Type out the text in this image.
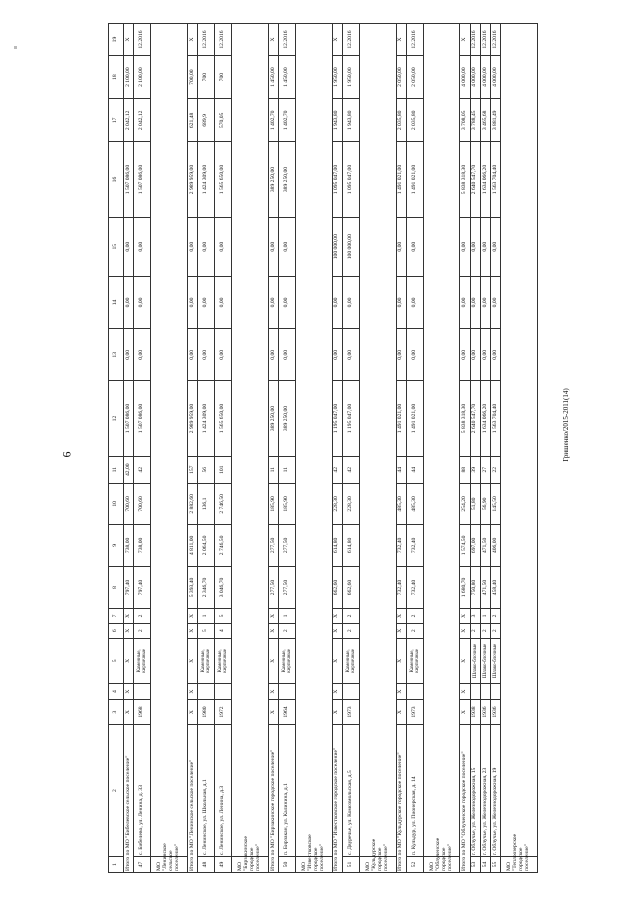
6	Гришенко/2015-2011(14)
1	2	3	4	5	6	7	8	9	10	11	12	13	14	15	16	17	18	19
Итого по МО "Бибелевское сельское поселение"		X	X	X	X	X	797,40	738,00	700,60	42,00	1 507 086,00	0,00	0,00	0,00	1 507 086,00	2 042,12	2 100,00	X
47	с. Бибелево, ул. Ленина, д. 33	1968		Каменные, кирпичные	2	2	797,40	738,00	700,60	42	1 507 086,00	0,00	0,00	0,00	1 507 086,00	2 042,12	2 100,00	12.2016
МО "Ленинское сельское поселение"																		
Итого по МО "Ленинское сельское поселение"		X	X	X	X	X	5 393,40	4 811,00	2 882,60	157	2 989 959,00	0,00	0,00	0,00	2 989 959,00	621,48	700,00	X
48	с. Ленинское, ул. Школьная, д.1	1980		Каменные, кирпичные	5	1	2 346,70	2 064,50	136,1	56	1 424 309,00	0,00	0,00	0,00	1 424 309,00	689,9	700	12.2016
49	с. Ленинское, ул. Ленина, д.3	1972		Каменные, кирпичные	4	5	3 046,70	2 746,50	2 746,50	101	1 565 650,00	0,00	0,00	0,00	1 565 650,00	570,05	700	12.2016
МО "Бирзакинское городское поселение"																		
Итого по МО "Бирзакинское городское поселение"		X	X	X	X	X	277,50	277,50	185,90	11	389 250,00	0,00	0,00	0,00	389 250,00	1 402,70	1 450,00	X
50	п. Бирзакан, ул. Калинина, д.1	1964		Каменные, кирпичные	2	1	277,50	277,50	185,90	11	389 250,00	0,00	0,00	0,00	389 250,00	1 402,70	1 450,00	12.2016
МО "Известковское городское поселение"																		
Итого по МО "Известковское городское поселение"		X	X	X	X	X	662,60	614,80	228,30	42	1 195 047,00	0,00	0,00	100 000,00	1 095 047,00	1 943,80	1 950,00	X
51	с. Двуречье, ул. Комсомольская, д.5	1973		Каменные, кирпичные	2	2	662,60	614,80	228,30	42	1 195 047,00	0,00	0,00	100 000,00	1 095 047,00	1 943,80	1 950,00	12.2016
МО "Кульдурское городское поселение"																		
Итого по МО "Кульдурское городское поселение"		X	X	X	X	X	732,40	732,40	485,30	44	1 491 021,00	0,00	0,00	0,00	1 491 021,00	2 035,80	2 050,00	X
52	п. Кульдур, ул. Пионерская, д. 14	1973		Каменные, кирпичные	2	2	732,40	732,40	485,30	44	1 491 021,00	0,00	0,00	0,00	1 491 021,00	2 035,80	2 050,00	12.2016
МО "Облученское городское поселение"																		
Итого по МО "Облученское городское поселение"		X	X	X	X	X	1 680,70	1 574,50	254,20	88	5 838 318,30	0,00	0,00	0,00	5 838 318,30	3 708,05	4 000,00	X
53	г. Облучье, ул. Железнодорожная, 15	1938		Шлако-блочные	2	3	750,80	697,00	51,80	39	2 640 547,70	0,00	0,00	0,00	2 640 547,70	3 788,45	4 000,00	12.2016
54	г. Облучье, ул. Железнодорожная, 23	1936		Шлако-блочные	2	1	471,50	471,50	56,90	27	1 634 066,20	0,00	0,00	0,00	1 634 066,20	3 465,68	4 000,00	12.2016
55	г. Облучье, ул. Железнодорожная, 19	1936		Шлако-блочные	2	2	458,40	406,00	145,50	22	1 563 704,40	0,00	0,00	0,00	1 563 704,40	3 881,49	4 000,00	12.2016
МО "Теплоозерское городское поселение"																		
